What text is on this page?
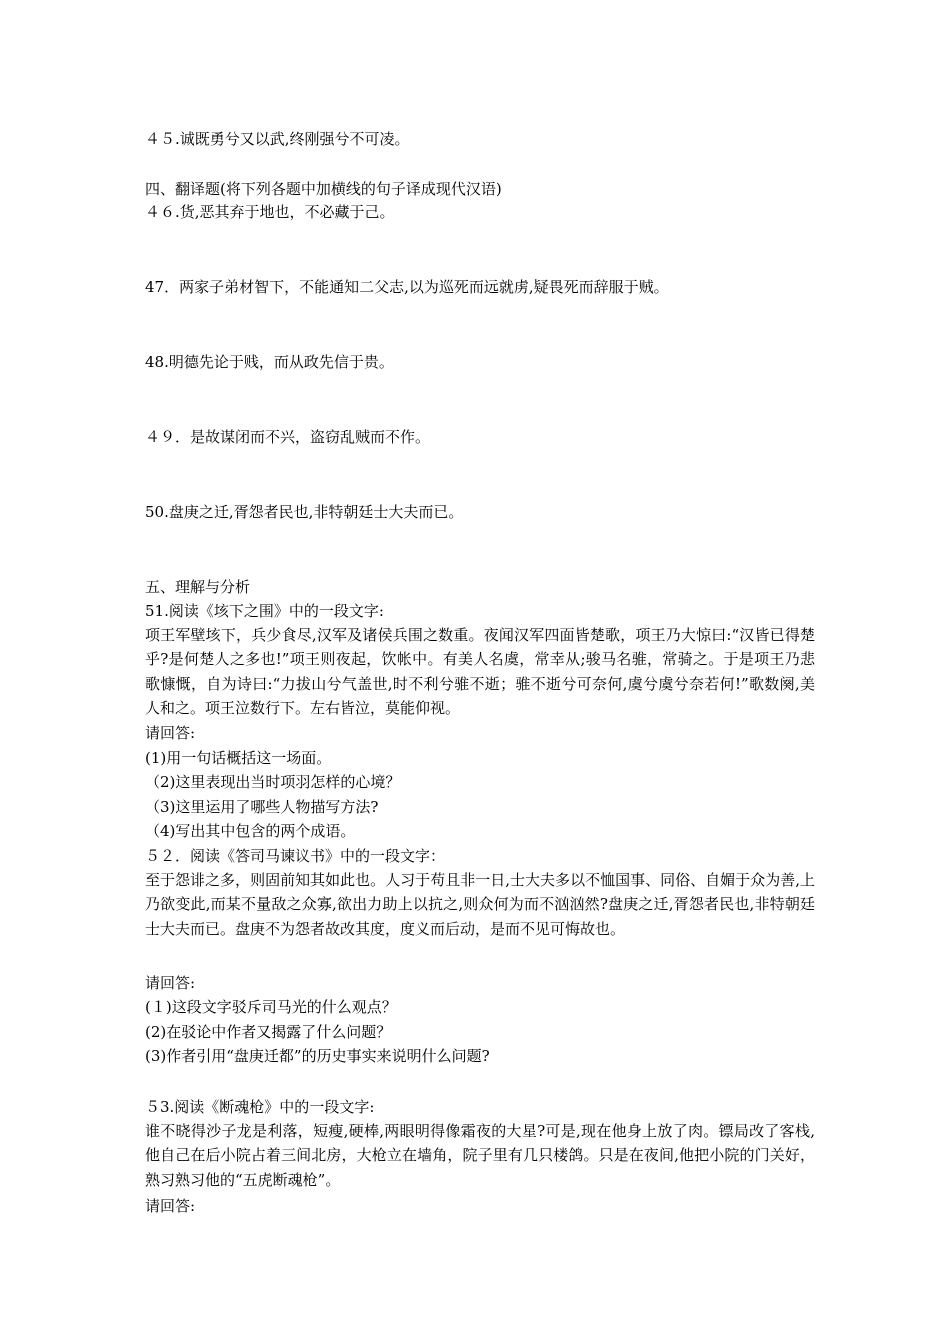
４５.诚既勇兮又以武,终刚强兮不可凌。
四、翻译题(将下列各题中加横线的句子译成现代汉语)
４６.货,恶其弃于地也，不必藏于己。
47．两家子弟材智下，不能通知二父志,以为巡死而远就虏,疑畏死而辞服于贼。
48.明德先论于贱，而从政先信于贵。
４９．是故谋闭而不兴，盗窃乱贼而不作。
50.盘庚之迁,胥怨者民也,非特朝廷士大夫而已。
五、理解与分析
51.阅读《垓下之围》中的一段文字:
项王军壁垓下，兵少食尽,汉军及诸侯兵围之数重。夜闻汉军四面皆楚歌，项王乃大惊曰:“汉皆已得楚乎?是何楚人之多也!”项王则夜起，饮帐中。有美人名虞，常幸从;骏马名骓，常骑之。于是项王乃悲歌慷慨，自为诗曰:“力拔山兮气盖世,时不利兮骓不逝；骓不逝兮可奈何,虞兮虞兮奈若何!”歌数阕,美人和之。项王泣数行下。左右皆泣，莫能仰视。
请回答:
(1)用一句话概括这一场面。
（2)这里表现出当时项羽怎样的心境？
（3)这里运用了哪些人物描写方法?
（4)写出其中包含的两个成语。
５２．阅读《答司马谏议书》中的一段文字：
至于怨诽之多，则固前知其如此也。人习于苟且非一日,士大夫多以不恤国事、同俗、自媚于众为善,上乃欲变此,而某不量敌之众寡,欲出力助上以抗之,则众何为而不汹汹然?盘庚之迁,胥怨者民也,非特朝廷士大夫而已。盘庚不为怨者故改其度，度义而后动，是而不见可悔故也。
请回答:
(１)这段文字驳斥司马光的什么观点？
(2)在驳论中作者又揭露了什么问题？
(3)作者引用“盘庚迁都”的历史事实来说明什么问题?
５3.阅读《断魂枪》中的一段文字:
谁不晓得沙子龙是利落，短瘦,硬棒,两眼明得像霜夜的大星?可是,现在他身上放了肉。镖局改了客栈,他自己在后小院占着三间北房，大枪立在墙角，院子里有几只楼鸽。只是在夜间,他把小院的门关好，熟习熟习他的“五虎断魂枪”。
请回答:
